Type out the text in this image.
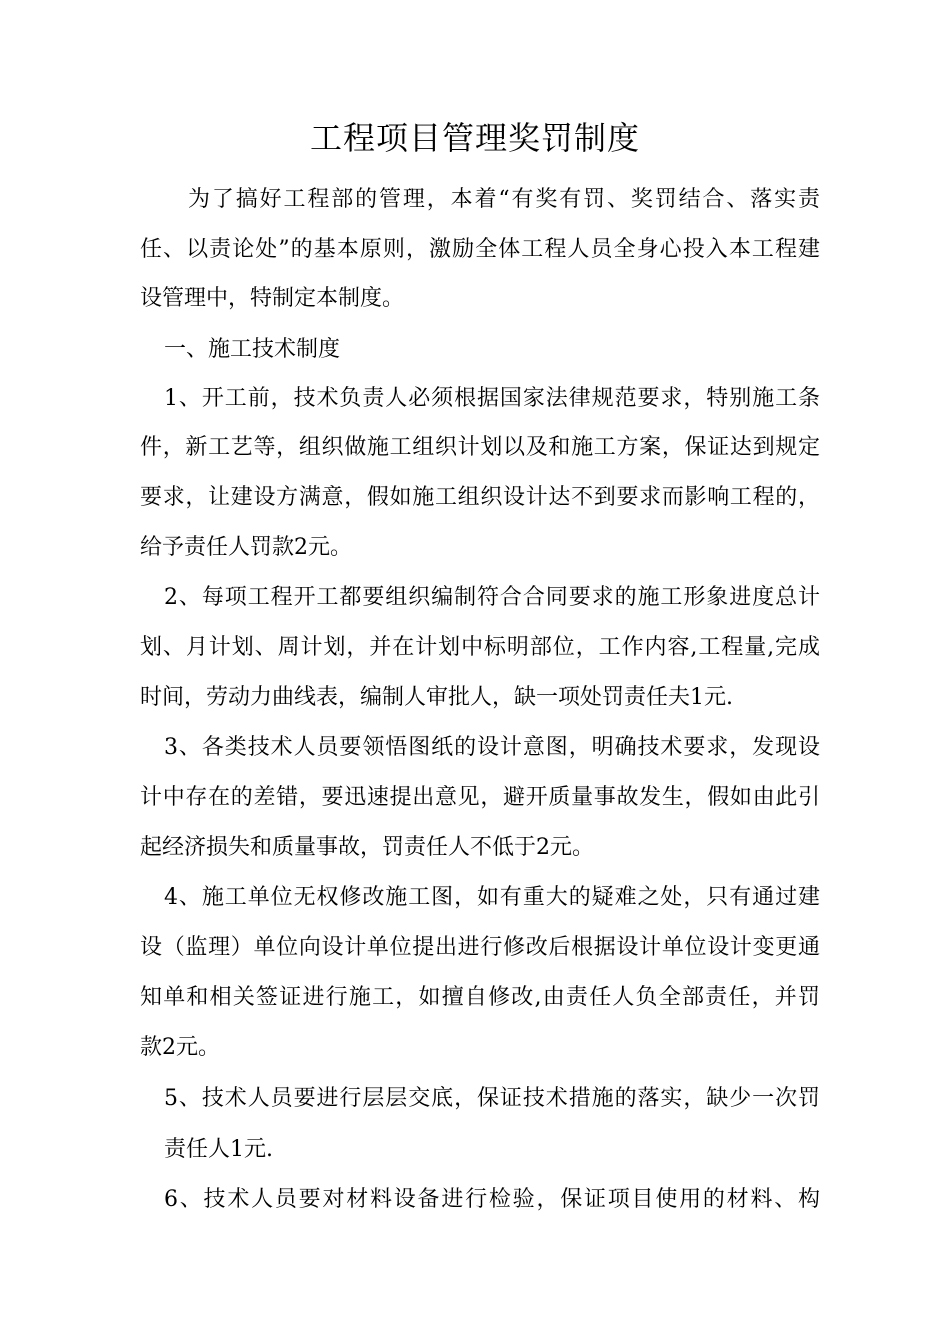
工程项目管理奖罚制度

为了搞好工程部的管理，本着“有奖有罚、奖罚结合、落实责

任、以责论处”的基本原则，激励全体工程人员全身心投入本工程建

设管理中，特制定本制度。

一、施工技术制度

1、开工前，技术负责人必须根据国家法律规范要求，特别施工条

件，新工艺等，组织做施工组织计划以及和施工方案，保证达到规定

要求，让建设方满意，假如施工组织设计达不到要求而影响工程的，

给予责任人罚款2元。

2、每项工程开工都要组织编制符合合同要求的施工形象进度总计

划、月计划、周计划，并在计划中标明部位，工作内容,工程量,完成

时间，劳动力曲线表，编制人审批人，缺一项处罚责任夫1元.

3、各类技术人员要领悟图纸的设计意图，明确技术要求，发现设

计中存在的差错，要迅速提出意见，避开质量事故发生，假如由此引

起经济损失和质量事故，罚责任人不低于2元。

4、施工单位无权修改施工图，如有重大的疑难之处，只有通过建

设（监理）单位向设计单位提出进行修改后根据设计单位设计变更通

知单和相关签证进行施工，如擅自修改,由责任人负全部责任，并罚

款2元。

5、技术人员要进行层层交底，保证技术措施的落实，缺少一次罚

责任人1元.

6、技术人员要对材料设备进行检验，保证项目使用的材料、构
